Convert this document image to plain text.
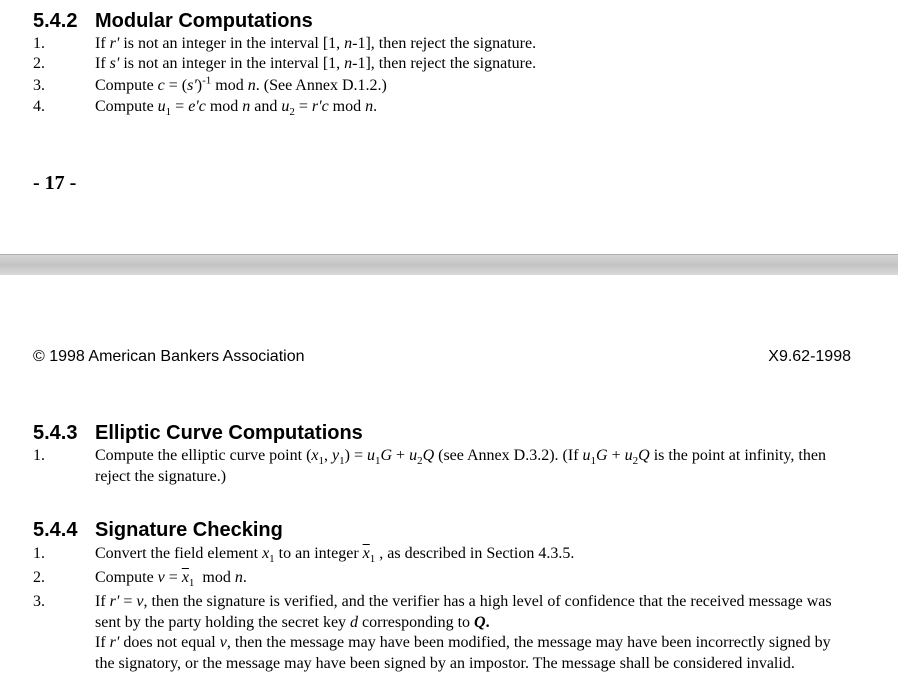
5.4.2 Modular Computations
1.	If r' is not an integer in the interval [1, n-1], then reject the signature.
2.	If s' is not an integer in the interval [1, n-1], then reject the signature.
3.	Compute $c = (s')^{-1}$ mod n. (See Annex D.1.2.)
4.	Compute $u_1 = e'c$ mod n and $u_2 = r'c$ mod n.
- 17 -
© 1998 American Bankers Association	X9.62-1998
5.4.3 Elliptic Curve Computations
1.	Compute the elliptic curve point ($x_1$, $y_1) = u_1G + u_2Q$ (see Annex D.3.2). (If $u_1G + u_2Q$ is the point at infinity, then reject the signature.)
5.4.4 Signature Checking
1.	Convert the field element $x_1$ to an integer $\overline{x}_1$ , as described in Section 4.3.5.
2.	Compute $v = \overline{x}_1$  mod n.
3.	If r' = v, then the signature is verified, and the verifier has a high level of confidence that the received message was sent by the party holding the secret key d corresponding to Q.
If r' does not equal v, then the message may have been modified, the message may have been incorrectly signed by the signatory, or the message may have been signed by an impostor. The message shall be considered invalid.
